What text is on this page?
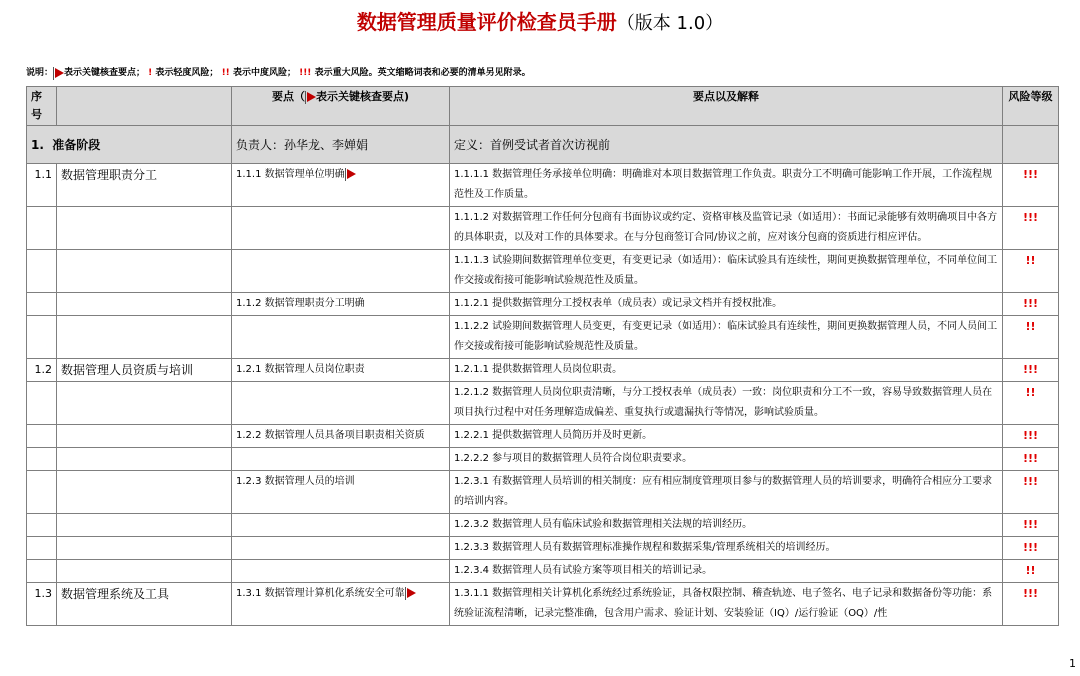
数据管理质量评价检查员手册（版本 1.0）
说明： 表示关键核查要点； ! 表示轻度风险； !! 表示中度风险； !!! 表示重大风险。英文缩略词表和必要的清单另见附录。
序号		要点（ 表示关键核查要点)	要点以及解释	风险等级
1. 准备阶段		负责人：孙华龙、李婵娟	定义：首例受试者首次访视前	
1.1	数据管理职责分工	1.1.1 数据管理单位明确	1.1.1.1 数据管理任务承接单位明确：明确谁对本项目数据管理工作负责。职责分工不明确可能影响工作开展，工作流程规范性及工作质量。	!!!
			1.1.1.2 对数据管理工作任何分包商有书面协议或约定、资格审核及监管记录（如适用）：书面记录能够有效明确项目中各方的具体职责，以及对工作的具体要求。在与分包商签订合同/协议之前，应对该分包商的资质进行相应评估。	!!!
			1.1.1.3 试验期间数据管理单位变更，有变更记录（如适用）：临床试验具有连续性，期间更换数据管理单位，不同单位间工作交接或衔接可能影响试验规范性及质量。	!!
		1.1.2 数据管理职责分工明确	1.1.2.1 提供数据管理分工授权表单（成员表）或记录文档并有授权批准。	!!!
			1.1.2.2 试验期间数据管理人员变更，有变更记录（如适用）：临床试验具有连续性，期间更换数据管理人员，不同人员间工作交接或衔接可能影响试验规范性及质量。	!!
1.2	数据管理人员资质与培训	1.2.1 数据管理人员岗位职责	1.2.1.1 提供数据管理人员岗位职责。	!!!
			1.2.1.2 数据管理人员岗位职责清晰，与分工授权表单（成员表）一致：岗位职责和分工不一致，容易导致数据管理人员在项目执行过程中对任务理解造成偏差、重复执行或遗漏执行等情况，影响试验质量。	!!
		1.2.2 数据管理人员具备项目职责相关资质	1.2.2.1 提供数据管理人员简历并及时更新。	!!!
			1.2.2.2 参与项目的数据管理人员符合岗位职责要求。	!!!
		1.2.3 数据管理人员的培训	1.2.3.1 有数据管理人员培训的相关制度：应有相应制度管理项目参与的数据管理人员的培训要求，明确符合相应分工要求的培训内容。	!!!
			1.2.3.2 数据管理人员有临床试验和数据管理相关法规的培训经历。	!!!
			1.2.3.3 数据管理人员有数据管理标准操作规程和数据采集/管理系统相关的培训经历。	!!!
			1.2.3.4 数据管理人员有试验方案等项目相关的培训记录。	!!
1.3	数据管理系统及工具	1.3.1 数据管理计算机化系统安全可靠	1.3.1.1 数据管理相关计算机化系统经过系统验证，具备权限控制、稽查轨迹、电子签名、电子记录和数据备份等功能：系统验证流程清晰，记录完整准确，包含用户需求、验证计划、安装验证（IQ）/运行验证（OQ）/性	!!!
1
